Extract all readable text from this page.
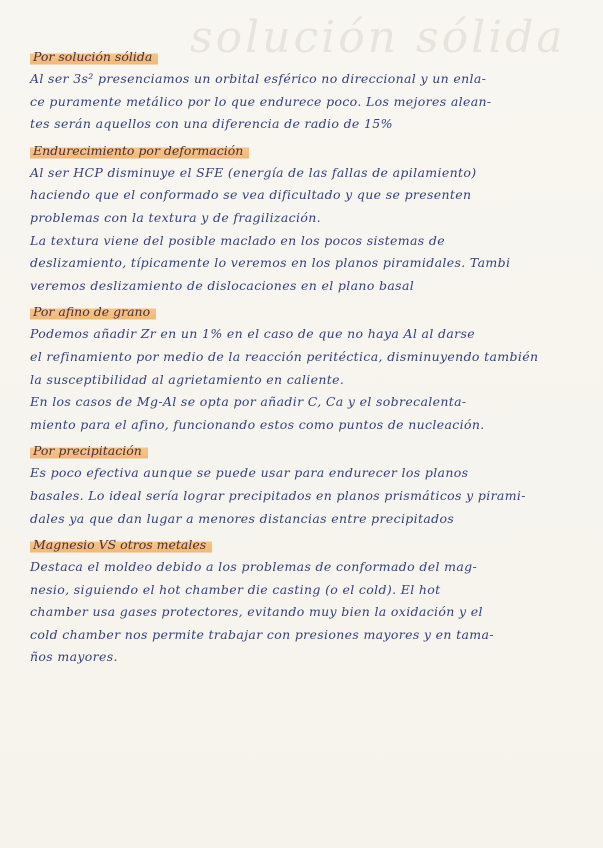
solución sólida
Por solución sólida

Al ser 3s² presenciamos un orbital esférico no direccional y un enla-

ce puramente metálico por lo que endurece poco. Los mejores alean-

tes serán aquellos con una diferencia de radio de 15%

Endurecimiento por deformación

Al ser HCP disminuye el SFE (energía de las fallas de apilamiento)

haciendo que el conformado se vea dificultado y que se presenten

problemas con la textura y de fragilización.

La textura viene del posible maclado en los pocos sistemas de

deslizamiento, típicamente lo veremos en los planos piramidales. Tambi

veremos deslizamiento de dislocaciones en el plano basal

Por afino de grano

Podemos añadir Zr en un 1% en el caso de que no haya Al al darse

el refinamiento por medio de la reacción peritéctica, disminuyendo también

la susceptibilidad al agrietamiento en caliente.

En los casos de Mg-Al se opta por añadir C, Ca y el sobrecalenta-

miento para el afino, funcionando estos como puntos de nucleación.

Por precipitación

Es poco efectiva aunque se puede usar para endurecer los planos

basales. Lo ideal sería lograr precipitados en planos prismáticos y pirami-

dales ya que dan lugar a menores distancias entre precipitados

Magnesio VS otros metales

Destaca el moldeo debido a los problemas de conformado del mag-

nesio, siguiendo el hot chamber die casting (o el cold). El hot

chamber usa gases protectores, evitando muy bien la oxidación y el

cold chamber nos permite trabajar con presiones mayores y en tama-

ños mayores.
